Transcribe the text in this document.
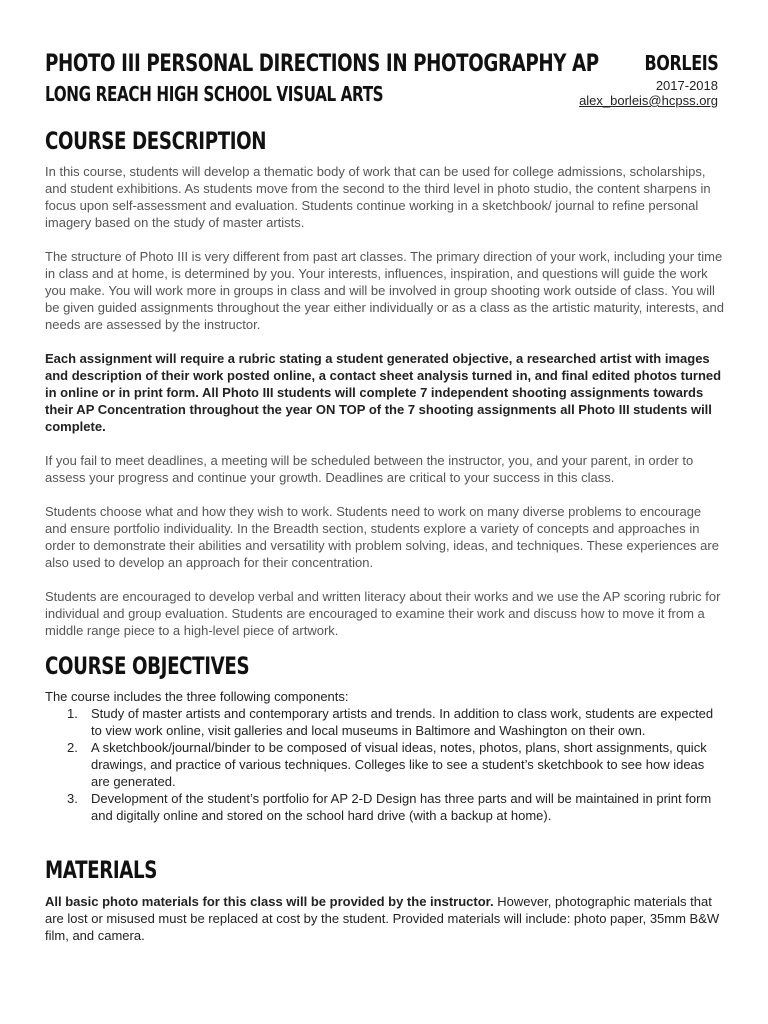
PHOTO III PERSONAL DIRECTIONS IN PHOTOGRAPHY AP
LONG REACH HIGH SCHOOL VISUAL ARTS
BORLEIS
2017-2018
alex_borleis@hcpss.org
COURSE DESCRIPTION

In this course, students will develop a thematic body of work that can be used for college admissions, scholarships, and student exhibitions. As students move from the second to the third level in photo studio, the content sharpens in focus upon self-assessment and evaluation. Students continue working in a sketchbook/ journal to refine personal imagery based on the study of master artists.

The structure of Photo III is very different from past art classes. The primary direction of your work, including your time in class and at home, is determined by you. Your interests, influences, inspiration, and questions will guide the work you make. You will work more in groups in class and will be involved in group shooting work outside of class. You will be given guided assignments throughout the year either individually or as a class as the artistic maturity, interests, and needs are assessed by the instructor.

Each assignment will require a rubric stating a student generated objective, a researched artist with images and description of their work posted online, a contact sheet analysis turned in, and final edited photos turned in online or in print form. All Photo III students will complete 7 independent shooting assignments towards their AP Concentration throughout the year ON TOP of the 7 shooting assignments all Photo III students will complete.

If you fail to meet deadlines, a meeting will be scheduled between the instructor, you, and your parent, in order to assess your progress and continue your growth. Deadlines are critical to your success in this class.

Students choose what and how they wish to work. Students need to work on many diverse problems to encourage and ensure portfolio individuality. In the Breadth section, students explore a variety of concepts and approaches in order to demonstrate their abilities and versatility with problem solving, ideas, and techniques. These experiences are also used to develop an approach for their concentration.

Students are encouraged to develop verbal and written literacy about their works and we use the AP scoring rubric for individual and group evaluation. Students are encouraged to examine their work and discuss how to move it from a middle range piece to a high-level piece of artwork.

COURSE OBJECTIVES
The course includes the three following components:
1. Study of master artists and contemporary artists and trends. In addition to class work, students are expected to view work online, visit galleries and local museums in Baltimore and Washington on their own.
2. A sketchbook/journal/binder to be composed of visual ideas, notes, photos, plans, short assignments, quick drawings, and practice of various techniques. Colleges like to see a student’s sketchbook to see how ideas are generated.
3. Development of the student’s portfolio for AP 2-D Design has three parts and will be maintained in print form and digitally online and stored on the school hard drive (with a backup at home).
MATERIALS
All basic photo materials for this class will be provided by the instructor. However, photographic materials that are lost or misused must be replaced at cost by the student. Provided materials will include: photo paper, 35mm B&W film, and camera.
